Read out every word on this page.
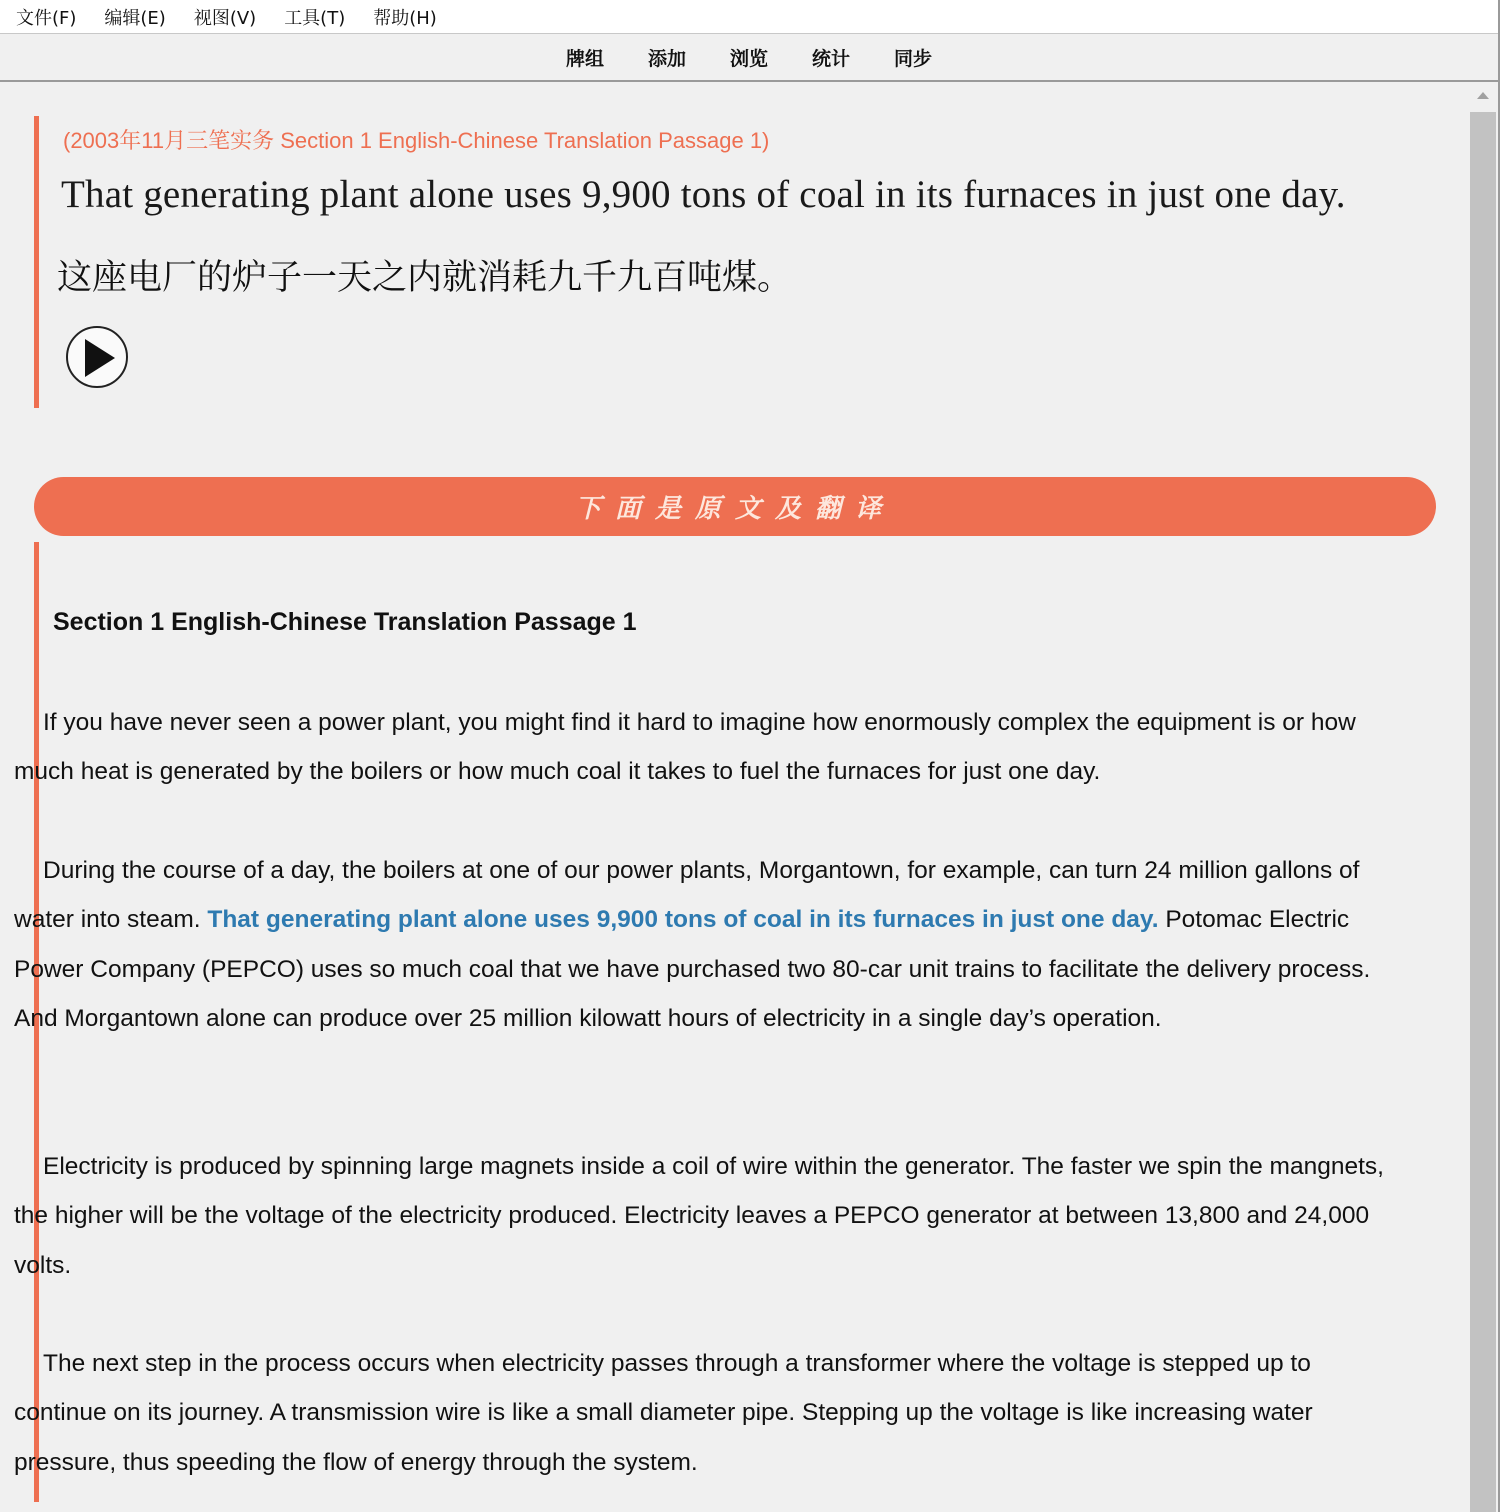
文件(F) 编辑(E) 视图(V) 工具(T) 帮助(H)
牌组 添加 浏览 统计 同步
(2003年11月三笔实务 Section 1 English-Chinese Translation Passage 1)
That generating plant alone uses 9,900 tons of coal in its furnaces in just one day.
这座电厂的炉子一天之内就消耗九千九百吨煤。
下面是原文及翻译
Section 1 English-Chinese Translation Passage 1

If you have never seen a power plant, you might find it hard to imagine how enormously complex the equipment is or how much heat is generated by the boilers or how much coal it takes to fuel the furnaces for just one day.

During the course of a day, the boilers at one of our power plants, Morgantown, for example, can turn 24 million gallons of water into steam. That generating plant alone uses 9,900 tons of coal in its furnaces in just one day. Potomac Electric Power Company (PEPCO) uses so much coal that we have purchased two 80-car unit trains to facilitate the delivery process. And Morgantown alone can produce over 25 million kilowatt hours of electricity in a single day’s operation.

Electricity is produced by spinning large magnets inside a coil of wire within the generator. The faster we spin the mangnets, the higher will be the voltage of the electricity produced. Electricity leaves a PEPCO generator at between 13,800 and 24,000 volts.

The next step in the process occurs when electricity passes through a transformer where the voltage is stepped up to continue on its journey. A transmission wire is like a small diameter pipe. Stepping up the voltage is like increasing water pressure, thus speeding the flow of energy through the system.
